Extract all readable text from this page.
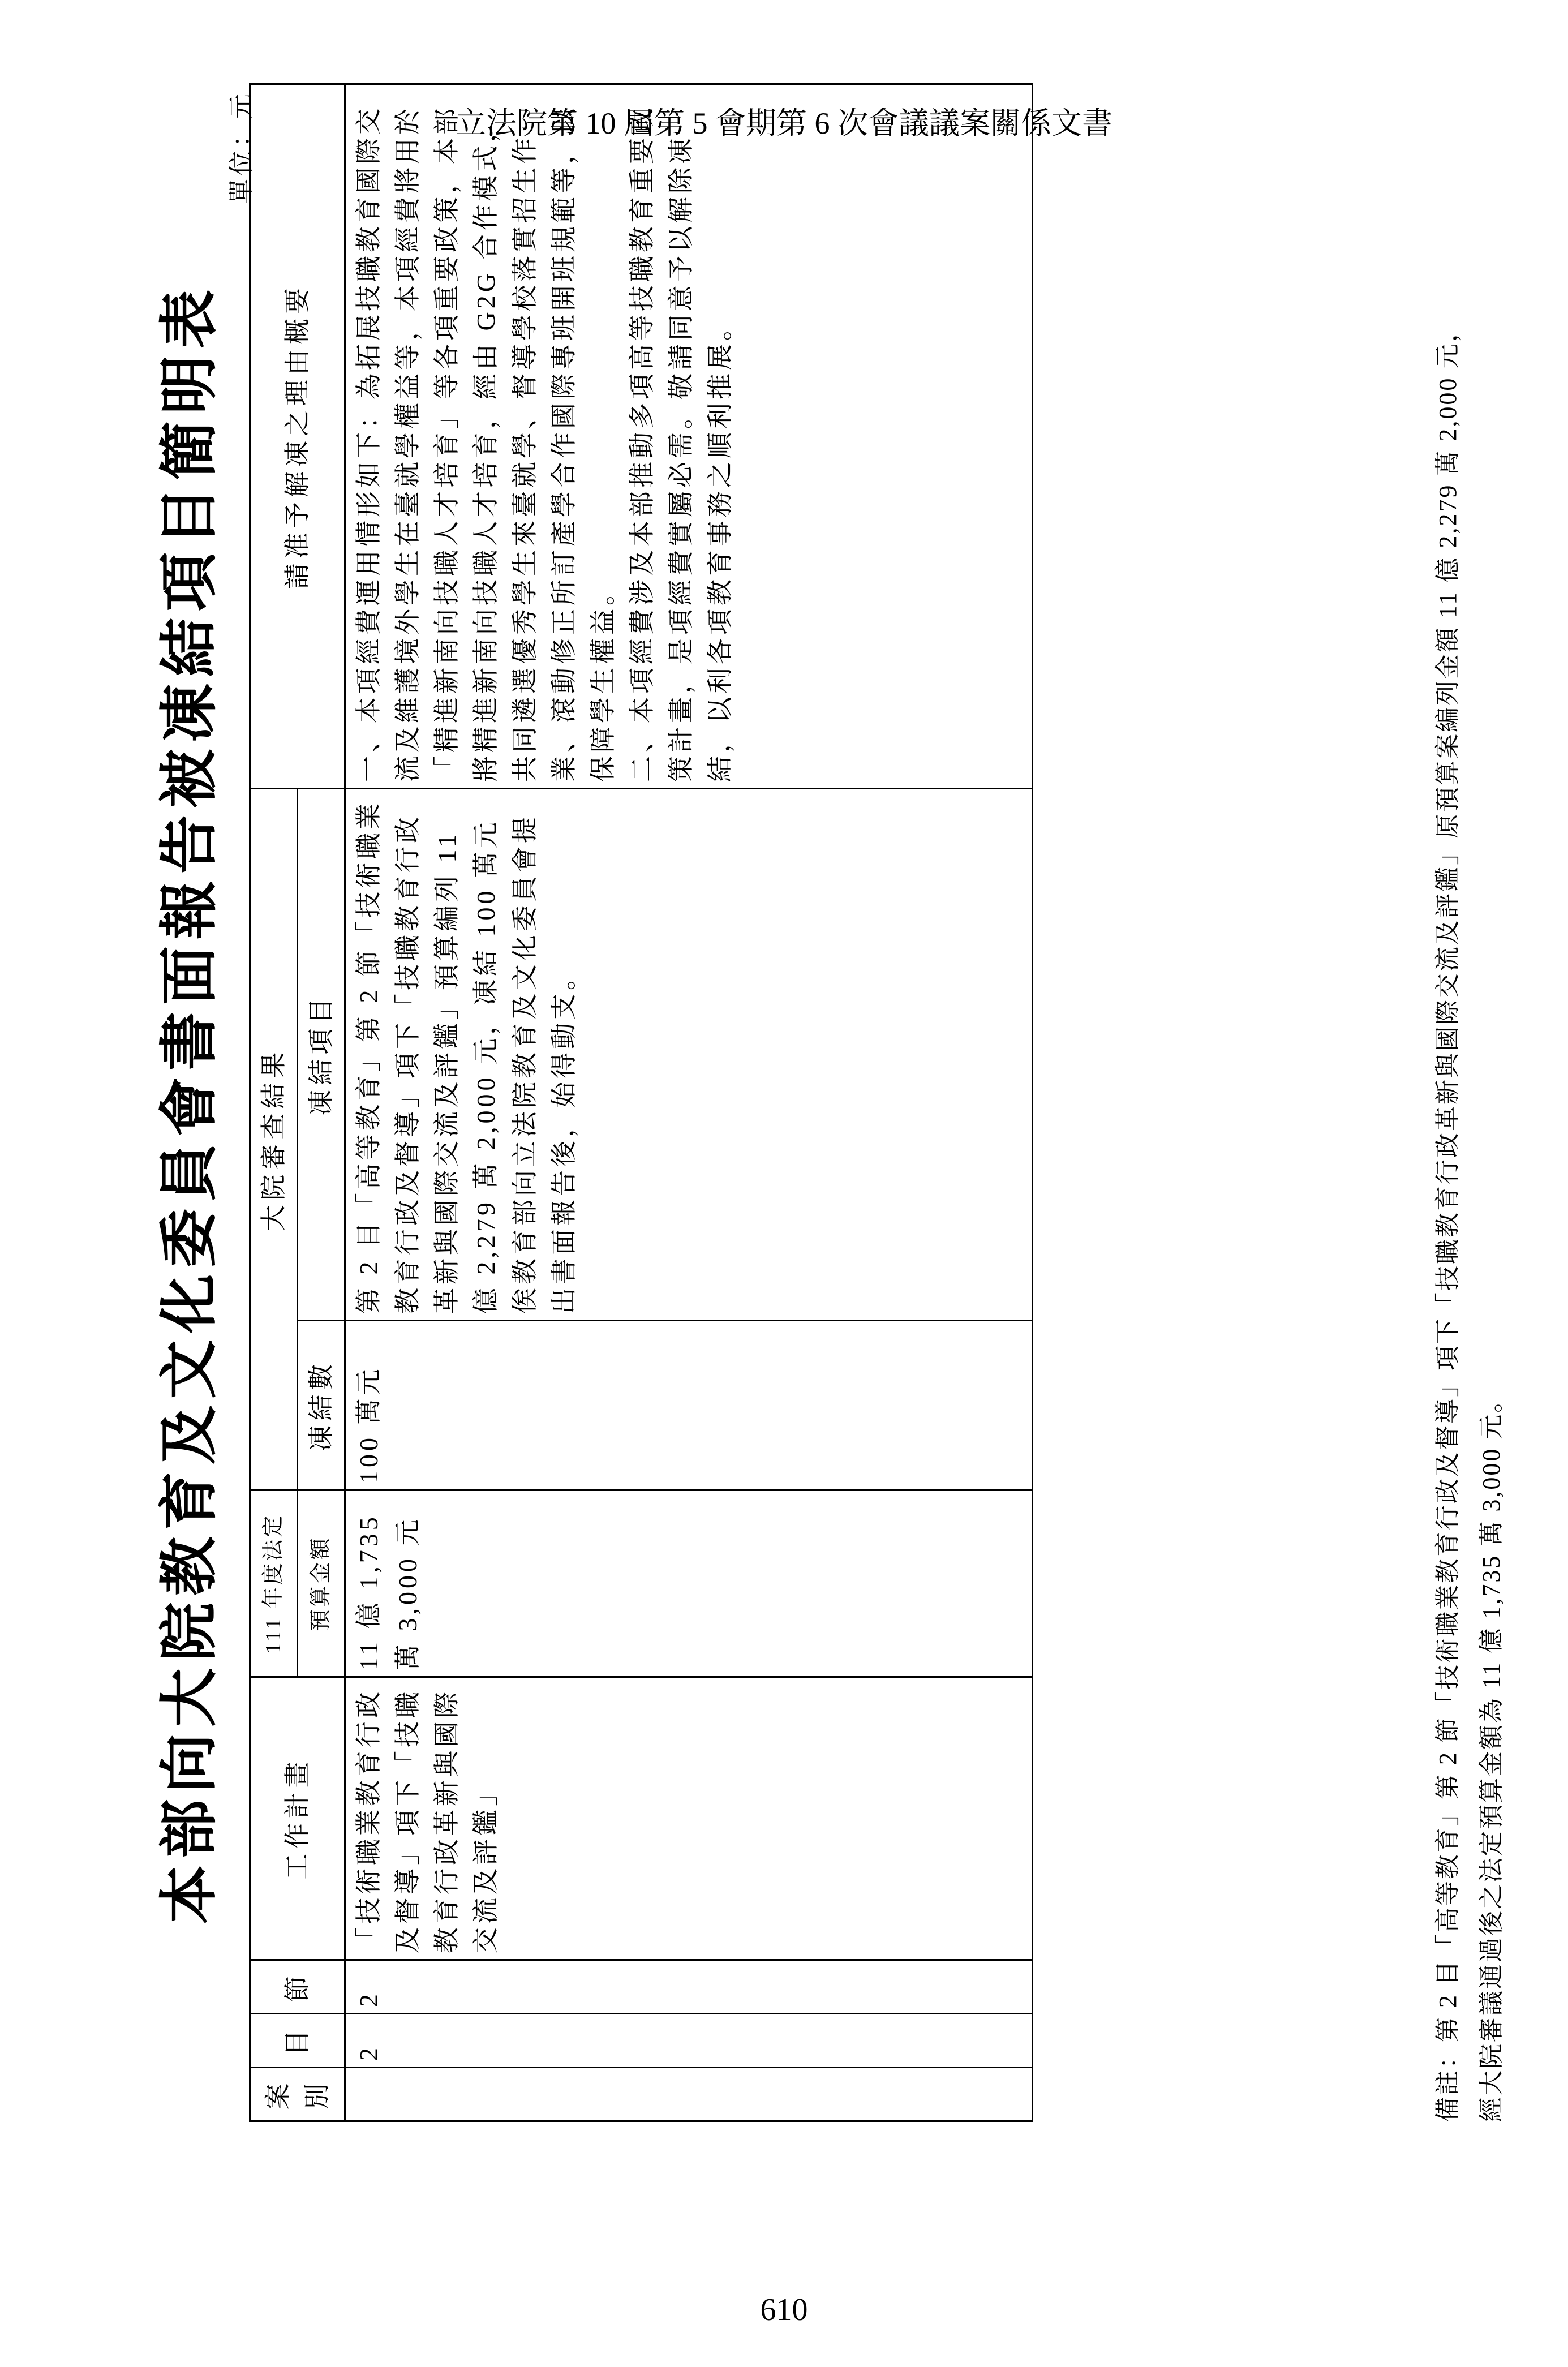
立法院第 10 屆第 5 會期第 6 次會議議案關係文書
本部向大院教育及文化委員會書面報告被凍結項目簡明表
單位：元
案別	目	節	工作計畫	111 年度法定	大院審查結果		請准予解凍之理由概要
				預算金額	凍結數	凍結項目	
	2	2	「技術職業教育行政及督導」項下「技職教育行政革新與國際交流及評鑑」	11 億 1,735 萬 3,000 元	100 萬元	第 2 目「高等教育」第 2 節「技術職業教育行政及督導」項下「技職教育行政革新與國際交流及評鑑」預算編列 11 億 2,279 萬 2,000 元，凍結 100 萬元俟教育部向立法院教育及文化委員會提出書面報告後，始得動支。	一、本項經費運用情形如下：為拓展技職教育國際交流及維護境外學生在臺就學權益等，本項經費將用於「精進新南向技職人才培育」等各項重要政策，本部將精進新南向技職人才培育，經由 G2G 合作模式，共同遴選優秀學生來臺就學、督導學校落實招生作業、滾動修正所訂產學合作國際專班開班規範等，以保障學生權益。 二、本項經費涉及本部推動多項高等技職教育重要政策計畫，是項經費實屬必需。敬請同意予以解除凍結，以利各項教育事務之順利推展。	備註：第 2 目「高等教育」第 2 節「技術職業教育行政及督導」項下「技職教育行政革新與國際交流及評鑑」原預算案編列金額 11 億 2,279 萬 2,000 元， 經大院審議通過後之法定預算金額為 11 億 1,735 萬 3,000 元。
610
